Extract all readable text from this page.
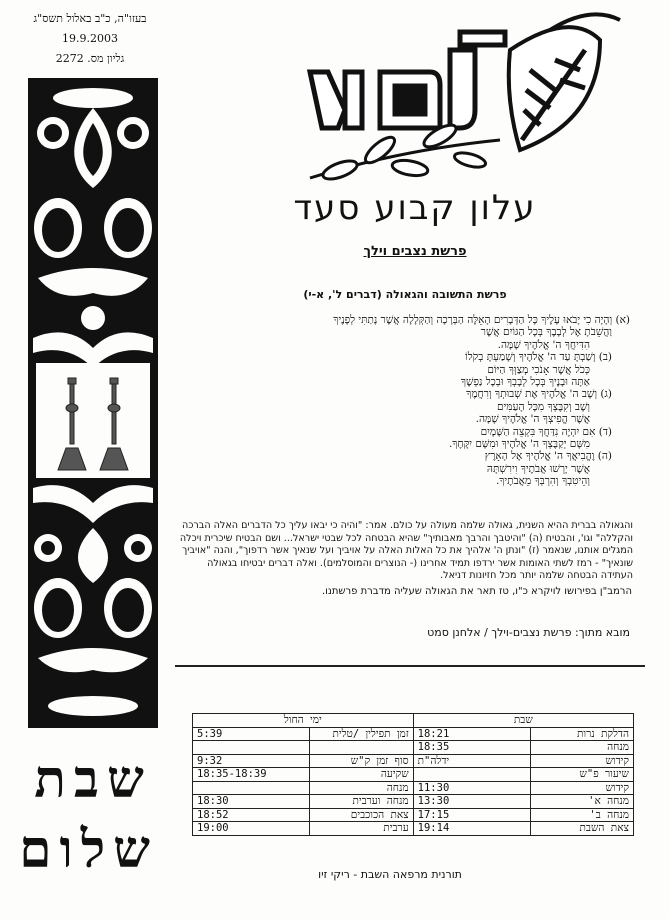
בעזו"ה, כ"ב באלול תשס"ג
19.9.2003
גליון מס. 2272
שבת
שלום
עלים
עלון קבוע סעד
פרשת נצבים וילך
פרשת התשובה והגאולה (דברים ל', א-י)
(א) וְהָיָה כִי יָבֹאוּ עָלֶיךָ כָּל הַדְּבָרִים הָאֵלֶּה הַבְּרָכָה וְהַקְּלָלָה אֲשֶׁר נָתַתִּי לְפָנֶיךָ
וַהֲשֵׁבֹתָ אֶל לְבָבֶךָ בְּכָל הַגּוֹיִם אֲשֶׁר
הִדִּיחֲךָ ה' אֱלֹהֶיךָ שָׁמָּה.
(ב) וְשַׁבְתָּ עַד ה' אֱלֹהֶיךָ וְשָׁמַעְתָּ בְקֹלוֹ
כְּכֹל אֲשֶׁר אָנֹכִי מְצַוְּךָ הַיּוֹם
אַתָּה וּבָנֶיךָ בְּכָל לְבָבְךָ וּבְכָל נַפְשֶׁךָ
(ג) וְשָׁב ה' אֱלֹהֶיךָ אֶת שְׁבוּתְךָ וְרִחֲמֶךָ
וְשָׁב וְקִבֶּצְךָ מִכָּל הָעַמִּים
אֲשֶׁר הֱפִיצְךָ ה' אֱלֹהֶיךָ שָׁמָּה.
(ד) אִם יִהְיֶה נִדַּחֲךָ בִּקְצֵה הַשָּׁמָיִם
מִשָּׁם יְקַבֶּצְךָ ה' אֱלֹהֶיךָ וּמִשָּׁם יִקָּחֶךָ.
(ה) וֶהֱבִיאֲךָ ה' אֱלֹהֶיךָ אֶל הָאָרֶץ
אֲשֶׁר יָרְשׁוּ אֲבֹתֶיךָ וִירִשְׁתָּהּ
וְהֵיטִבְךָ וְהִרְבְּךָ מֵאֲבֹתֶיךָ.
והגאולה בברית ההיא השנית, גאולה שלמה מעולה על כולם. אמר: "והיה כי יבאו עליך כל הדברים האלה הברכה והקללה" וגו', והבטיח (ה) "והיטבך והרבך מאבותיך" שהיא הבטחה לכל שבטי ישראל... ושם הבטיח שיכרית ויכלה המגלים אותנו, שנאמר (ז) "ונתן ה' אלהיך את כל האלות האלה על אויביך ועל שנאיך אשר רדפוך", והנה "אויביך שונאיך" - רמז לשתי האומות אשר ירדפו תמיד אחרינו (- הנוצרים והמוסלמים). ואלה דברים יבטיחו בגאולה העתידה הבטחה שלמה יותר מכל חזיונות דניאל.
הרמב"ן בפירושו לויקרא כ"ו, טז תאר את הגאולה שעליה מדברת פרשתנו.
מובא מתוך: פרשת נצבים-וילך / אלחנן סמט
שבת		ימי החול	
הדלקת נרות	18:21	זמן תפילין /טלית	5:39
מנחה	18:35		
קידוש	ידלה"ת	סוף זמן ק"ש	9:32
שיעור פ"ש		שקיעה	18:35-18:39
קידוש	11:30	מנחה	
מנחה א'	13:30	מנחה וערבית	18:30
מנחה ב'	17:15	צאת הכוכבים	18:52
צאת השבת	19:14	ערבית	19:00
תורנית מרפאה השבת - ריקי זיו
